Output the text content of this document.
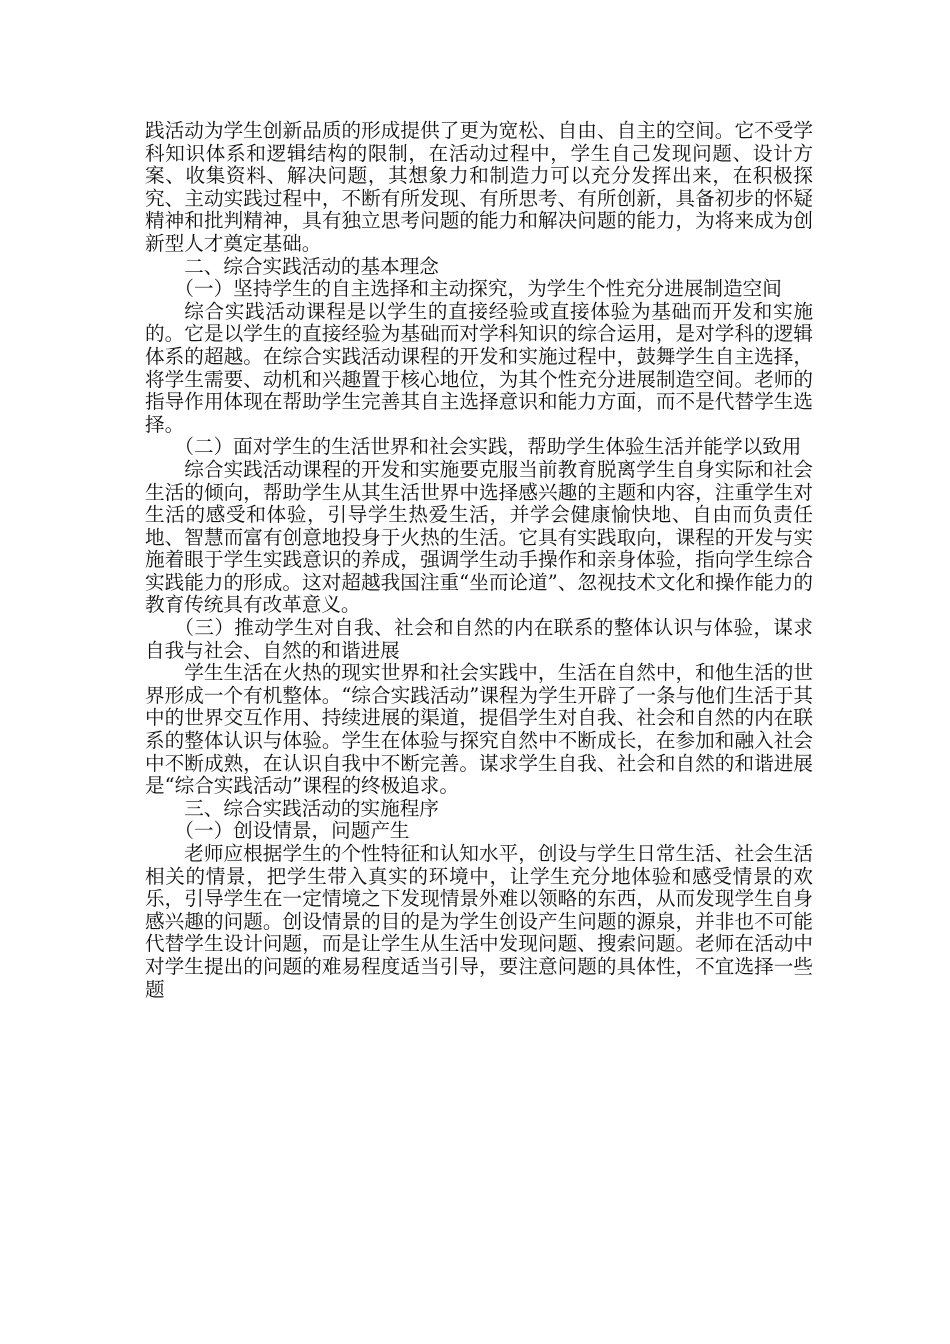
践活动为学生创新品质的形成提供了更为宽松、自由、自主的空间。它不受学科知识体系和逻辑结构的限制，在活动过程中，学生自己发现问题、设计方案、收集资料、解决问题，其想象力和制造力可以充分发挥出来，在积极探究、主动实践过程中，不断有所发现、有所思考、有所创新，具备初步的怀疑精神和批判精神，具有独立思考问题的能力和解决问题的能力，为将来成为创新型人才奠定基础。

二、综合实践活动的基本理念

（一）坚持学生的自主选择和主动探究，为学生个性充分进展制造空间

综合实践活动课程是以学生的直接经验或直接体验为基础而开发和实施的。它是以学生的直接经验为基础而对学科知识的综合运用，是对学科的逻辑体系的超越。在综合实践活动课程的开发和实施过程中，鼓舞学生自主选择，将学生需要、动机和兴趣置于核心地位，为其个性充分进展制造空间。老师的指导作用体现在帮助学生完善其自主选择意识和能力方面，而不是代替学生选择。

（二）面对学生的生活世界和社会实践，帮助学生体验生活并能学以致用

综合实践活动课程的开发和实施要克服当前教育脱离学生自身实际和社会生活的倾向，帮助学生从其生活世界中选择感兴趣的主题和内容，注重学生对生活的感受和体验，引导学生热爱生活，并学会健康愉快地、自由而负责任地、智慧而富有创意地投身于火热的生活。它具有实践取向，课程的开发与实施着眼于学生实践意识的养成，强调学生动手操作和亲身体验，指向学生综合实践能力的形成。这对超越我国注重“坐而论道”、忽视技术文化和操作能力的教育传统具有改革意义。

（三）推动学生对自我、社会和自然的内在联系的整体认识与体验，谋求自我与社会、自然的和谐进展

学生生活在火热的现实世界和社会实践中，生活在自然中，和他生活的世界形成一个有机整体。“综合实践活动”课程为学生开辟了一条与他们生活于其中的世界交互作用、持续进展的渠道，提倡学生对自我、社会和自然的内在联系的整体认识与体验。学生在体验与探究自然中不断成长，在参加和融入社会中不断成熟，在认识自我中不断完善。谋求学生自我、社会和自然的和谐进展是“综合实践活动”课程的终极追求。

三、综合实践活动的实施程序

（一）创设情景，问题产生

老师应根据学生的个性特征和认知水平，创设与学生日常生活、社会生活相关的情景，把学生带入真实的环境中，让学生充分地体验和感受情景的欢乐，引导学生在一定情境之下发现情景外难以领略的东西，从而发现学生自身感兴趣的问题。创设情景的目的是为学生创设产生问题的源泉，并非也不可能代替学生设计问题，而是让学生从生活中发现问题、搜索问题。老师在活动中对学生提出的问题的难易程度适当引导，要注意问题的具体性，不宜选择一些题
